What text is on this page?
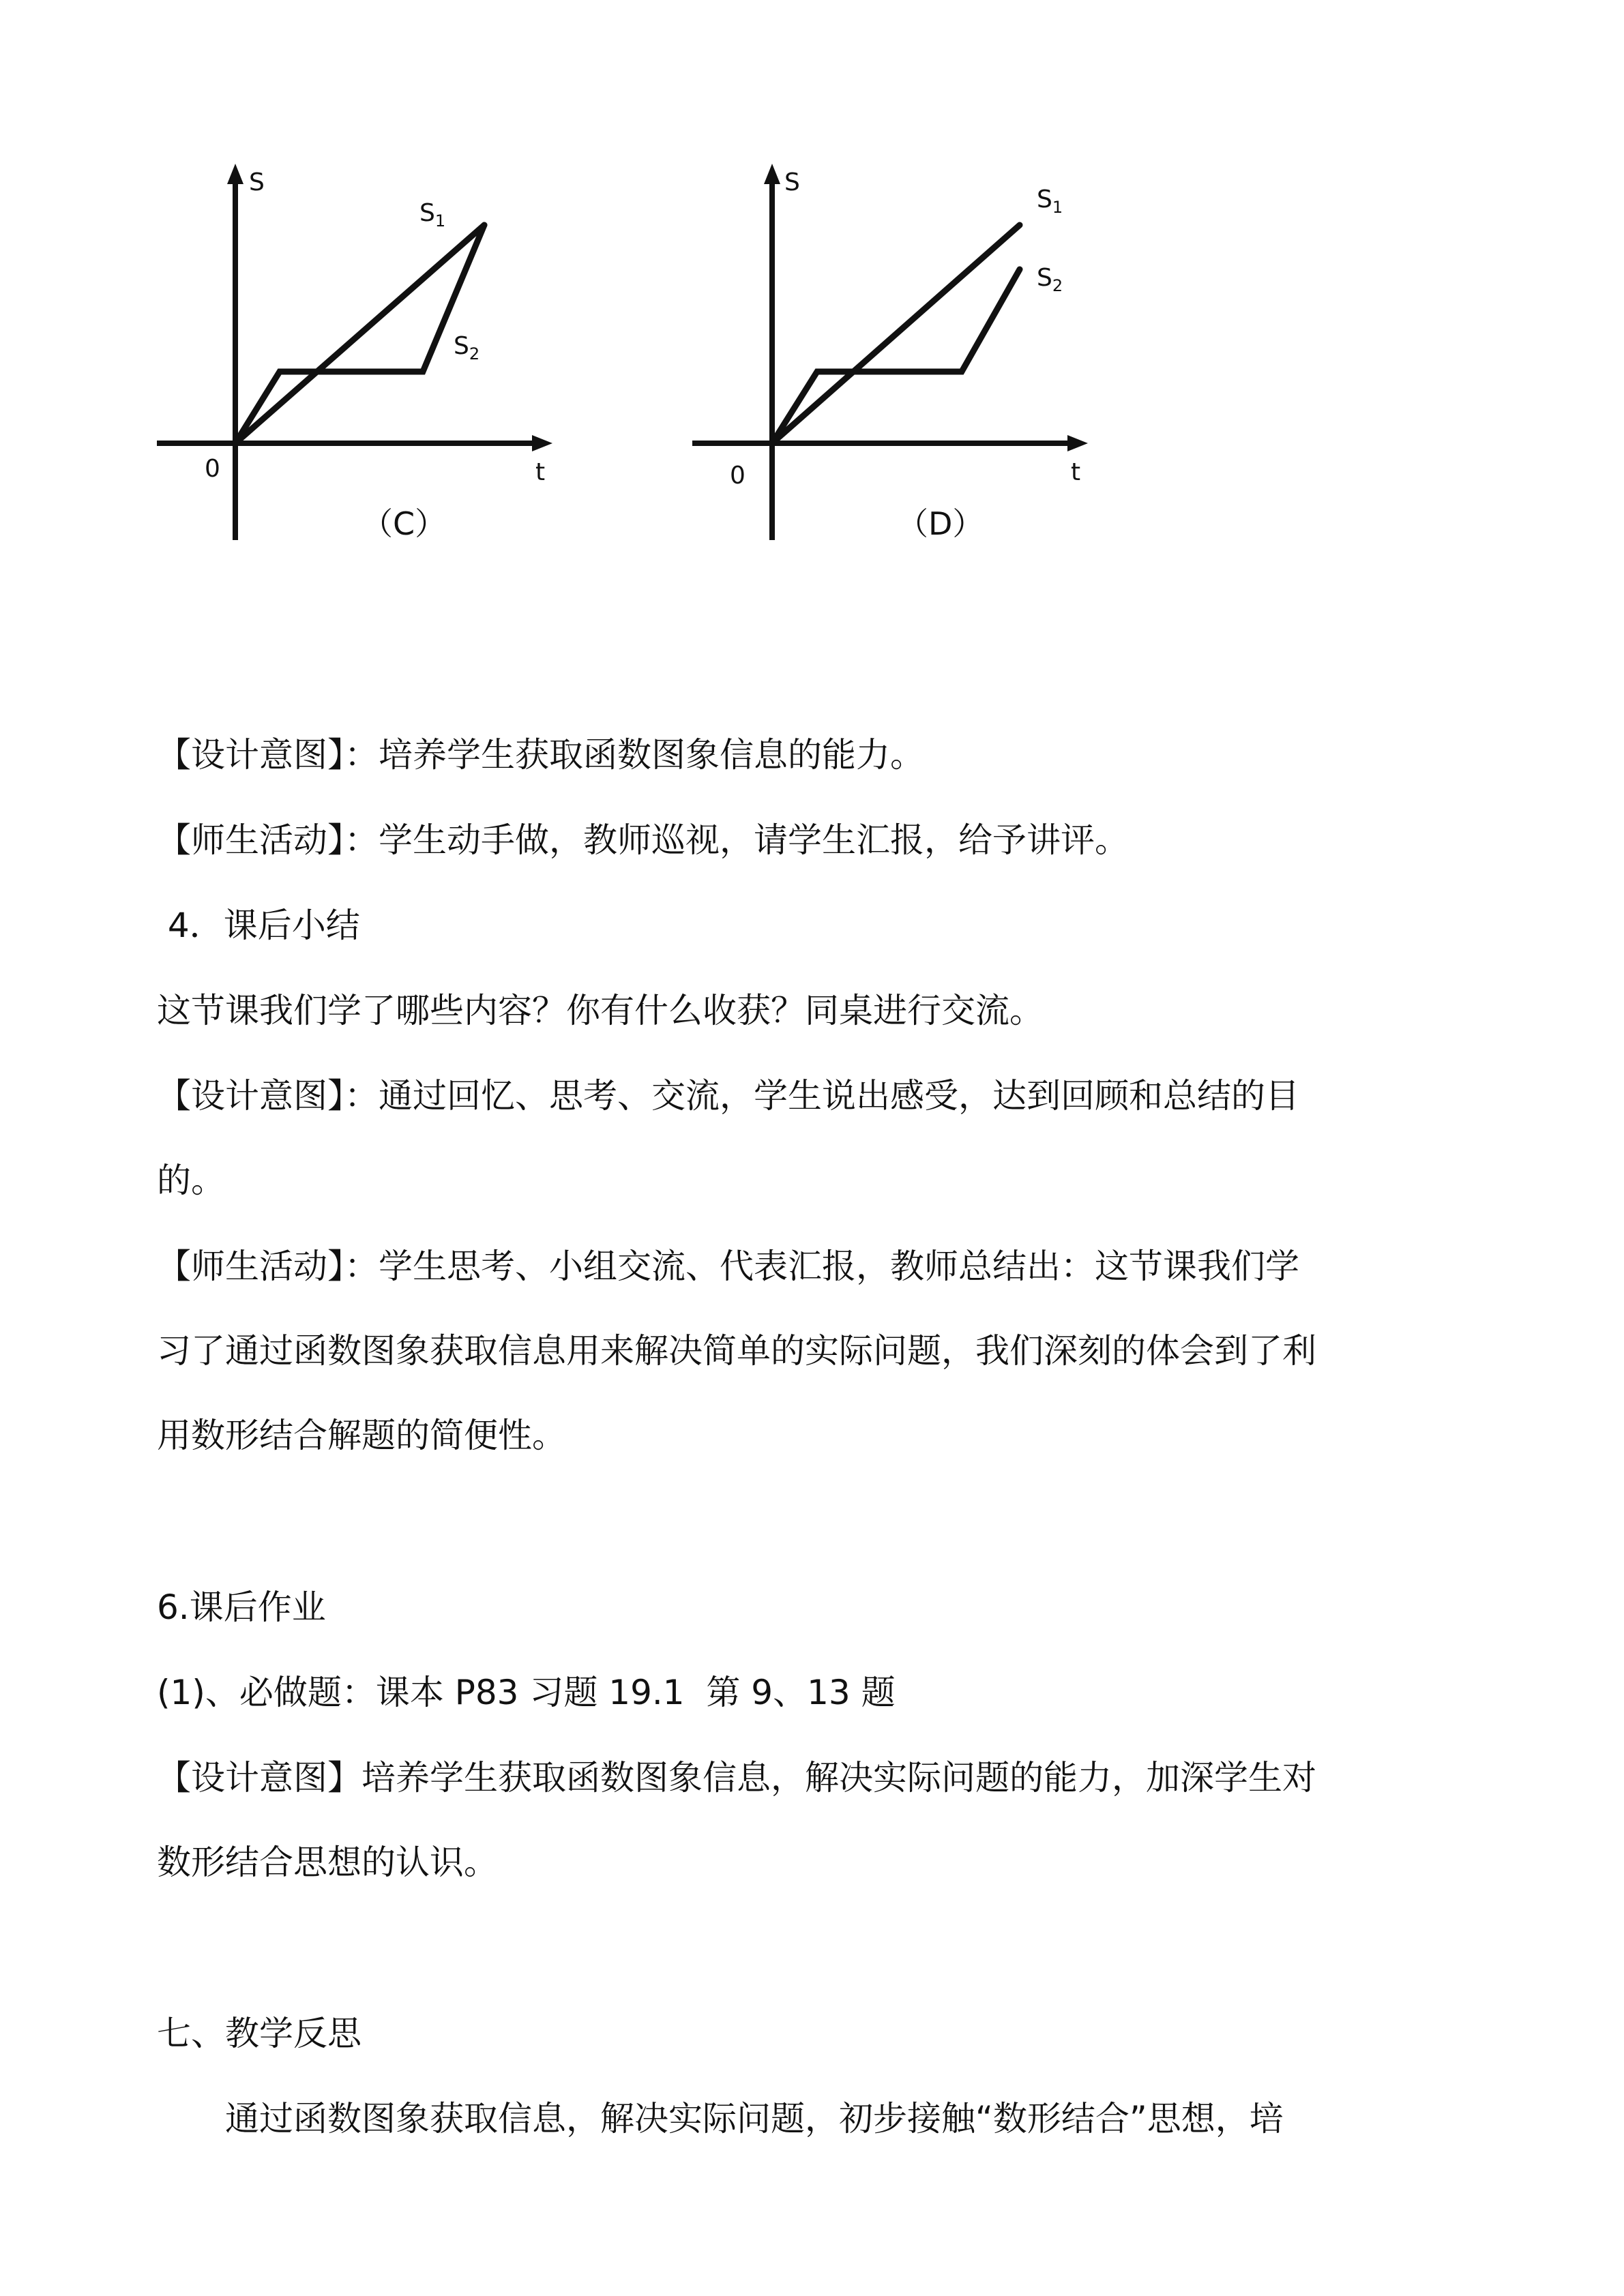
S
t
0
$S_1$
$S_2$
（C）
S
t
0
$S_1$
$S_2$
（D）
【设计意图】：培养学生获取函数图象信息的能力。
【师生活动】：学生动手做，教师巡视，请学生汇报，给予讲评。
4．课后小结
这节课我们学了哪些内容？你有什么收获？同桌进行交流。
【设计意图】：通过回忆、思考、交流，学生说出感受，达到回顾和总结的目
的。
【师生活动】：学生思考、小组交流、代表汇报，教师总结出：这节课我们学
习了通过函数图象获取信息用来解决简单的实际问题，我们深刻的体会到了利
用数形结合解题的简便性。
6.课后作业
(1)、必做题：课本 P83 习题 19.1  第 9、13 题
【设计意图】培养学生获取函数图象信息，解决实际问题的能力，加深学生对
数形结合思想的认识。
七、教学反思
通过函数图象获取信息，解决实际问题，初步接触“数形结合”思想，培
